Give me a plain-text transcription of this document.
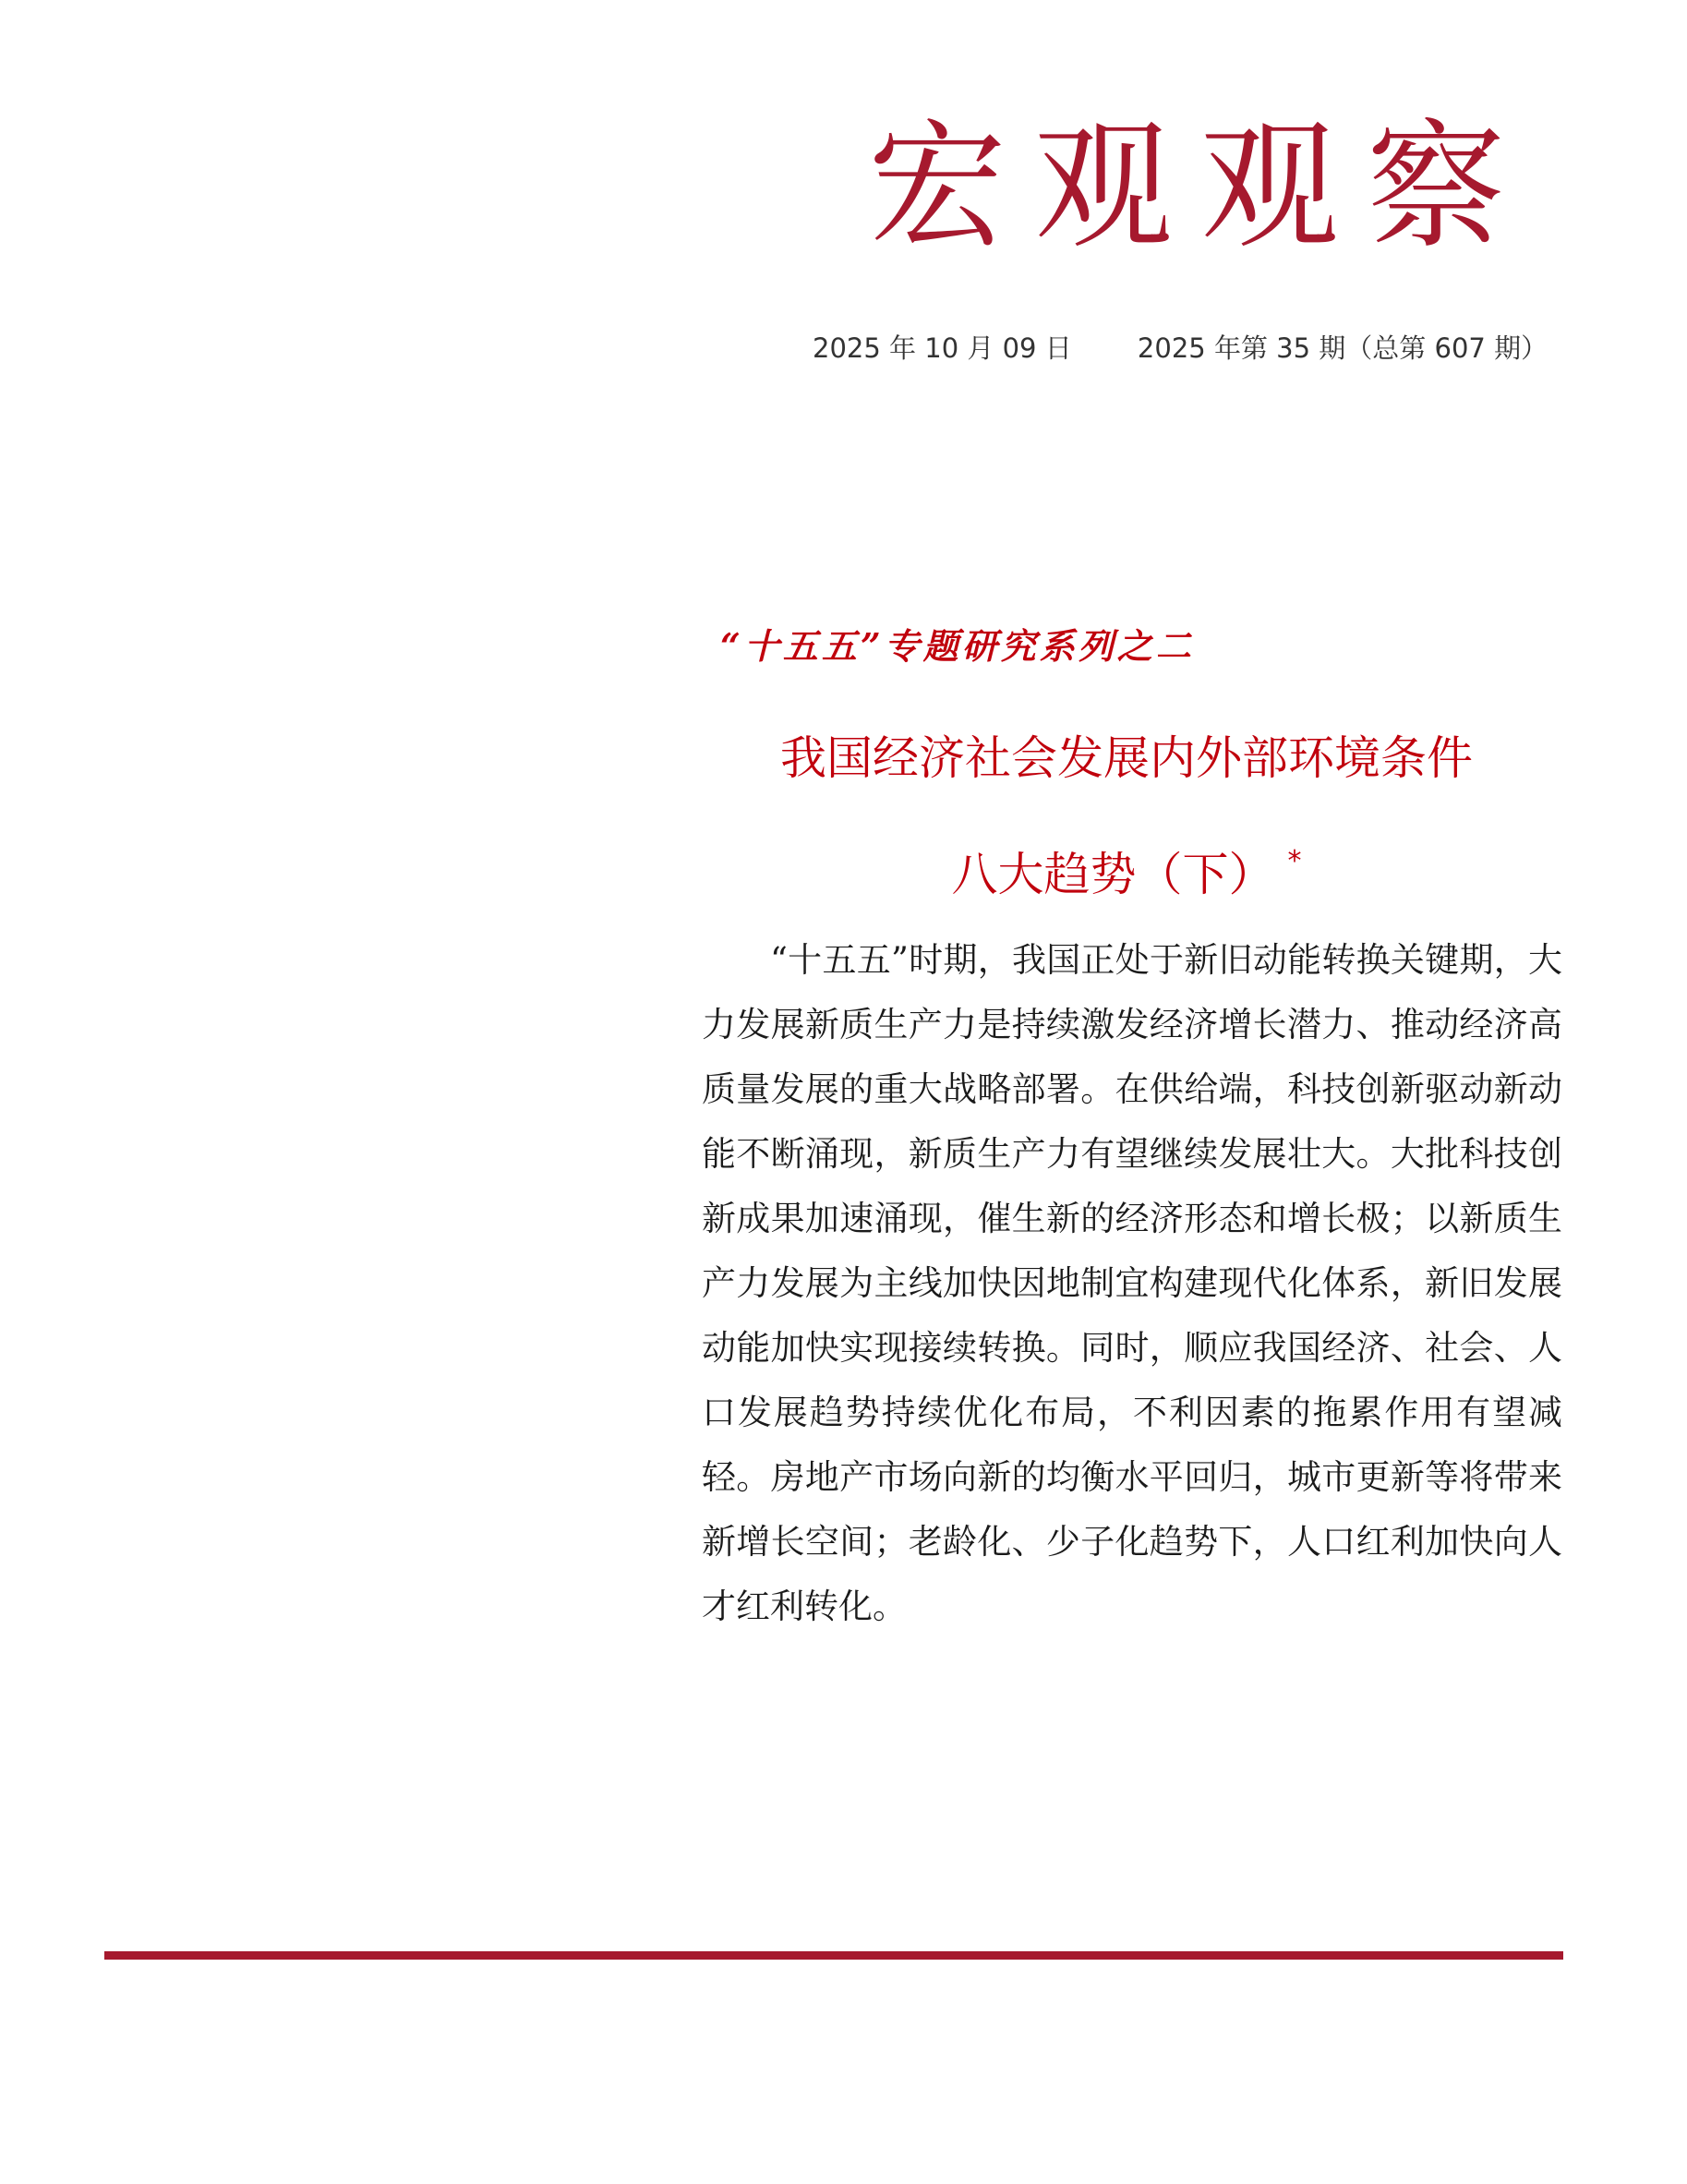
宏观观察
2025 年 10 月 09 日 2025 年第 35 期（总第 607 期）
“十五五”专题研究系列之二
我国经济社会发展内外部环境条件
八大趋势（下） *

“十五五”时期，我国正处于新旧动能转换关键期，大力发展新质生产力是持续激发经济增长潜力、推动经济高质量发展的重大战略部署。在供给端，科技创新驱动新动能不断涌现，新质生产力有望继续发展壮大。大批科技创新成果加速涌现，催生新的经济形态和增长极；以新质生产力发展为主线加快因地制宜构建现代化体系，新旧发展动能加快实现接续转换。同时，顺应我国经济、社会、人口发展趋势持续优化布局，不利因素的拖累作用有望减轻。房地产市场向新的均衡水平回归，城市更新等将带来新增长空间；老龄化、少子化趋势下，人口红利加快向人才红利转化。
